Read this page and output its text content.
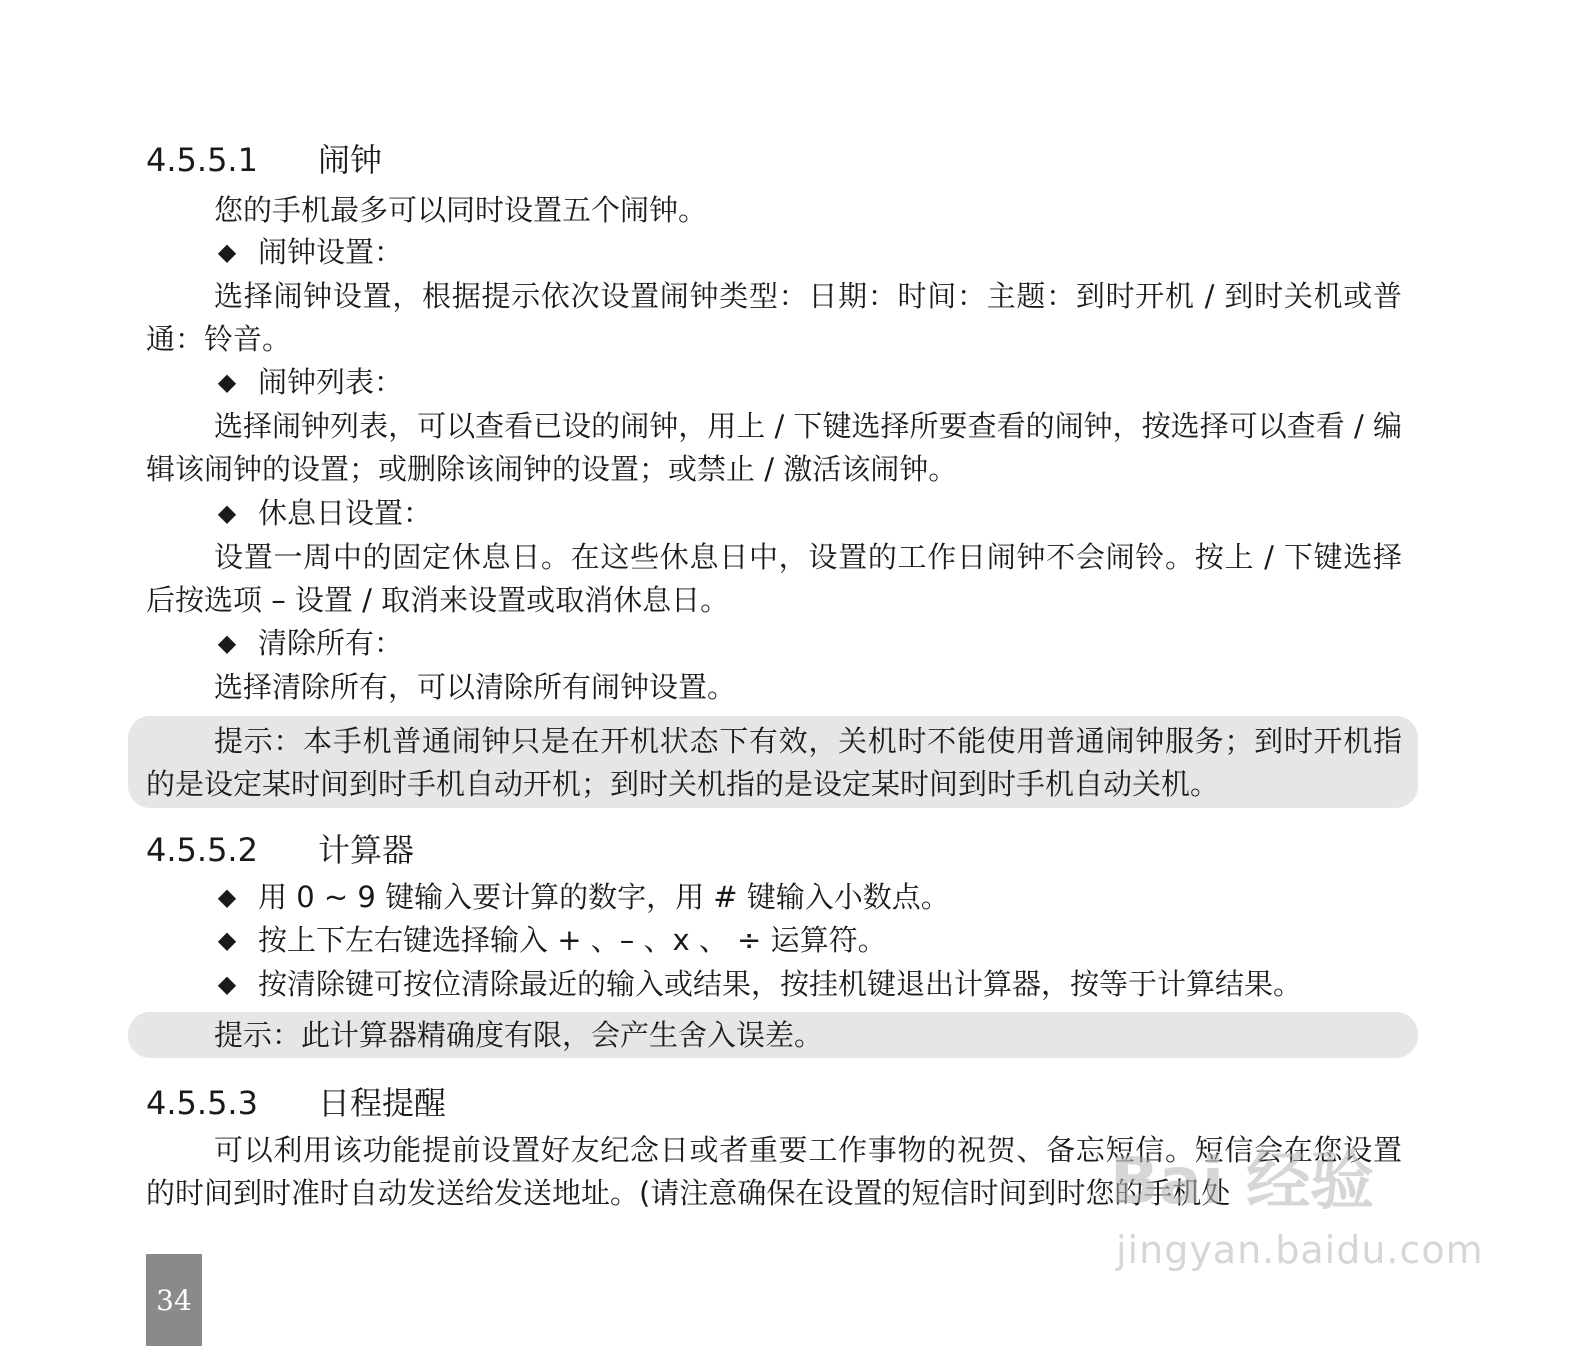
4.5.5.1	闹钟

您的手机最多可以同时设置五个闹钟。

◆ 闹钟设置：

选择闹钟设置，根据提示依次设置闹钟类型：日期：时间：主题：到时开机 / 到时关机或普通：铃音。

◆ 闹钟列表：

选择闹钟列表，可以查看已设的闹钟，用上 / 下键选择所要查看的闹钟，按选择可以查看 / 编辑该闹钟的设置；或删除该闹钟的设置；或禁止 / 激活该闹钟。

◆ 休息日设置：

设置一周中的固定休息日。在这些休息日中，设置的工作日闹钟不会闹铃。按上 / 下键选择后按选项 – 设置 / 取消来设置或取消休息日。

◆ 清除所有：

选择清除所有，可以清除所有闹钟设置。

提示：本手机普通闹钟只是在开机状态下有效，关机时不能使用普通闹钟服务；到时开机指的是设定某时间到时手机自动开机；到时关机指的是设定某时间到时手机自动关机。

4.5.5.2	计算器
◆ 用 0 ~ 9 键输入要计算的数字，用 # 键输入小数点。
◆ 按上下左右键选择输入 + 、– 、x 、 ÷ 运算符。
◆ 按清除键可按位清除最近的输入或结果，按挂机键退出计算器，按等于计算结果。

提示：此计算器精确度有限，会产生舍入误差。

4.5.5.3	日程提醒

可以利用该功能提前设置好友纪念日或者重要工作事物的祝贺、备忘短信。短信会在您设置的时间到时准时自动发送给发送地址。(请注意确保在设置的短信时间到时您的手机处

34
Bai 经验
jingyan.baidu.com
